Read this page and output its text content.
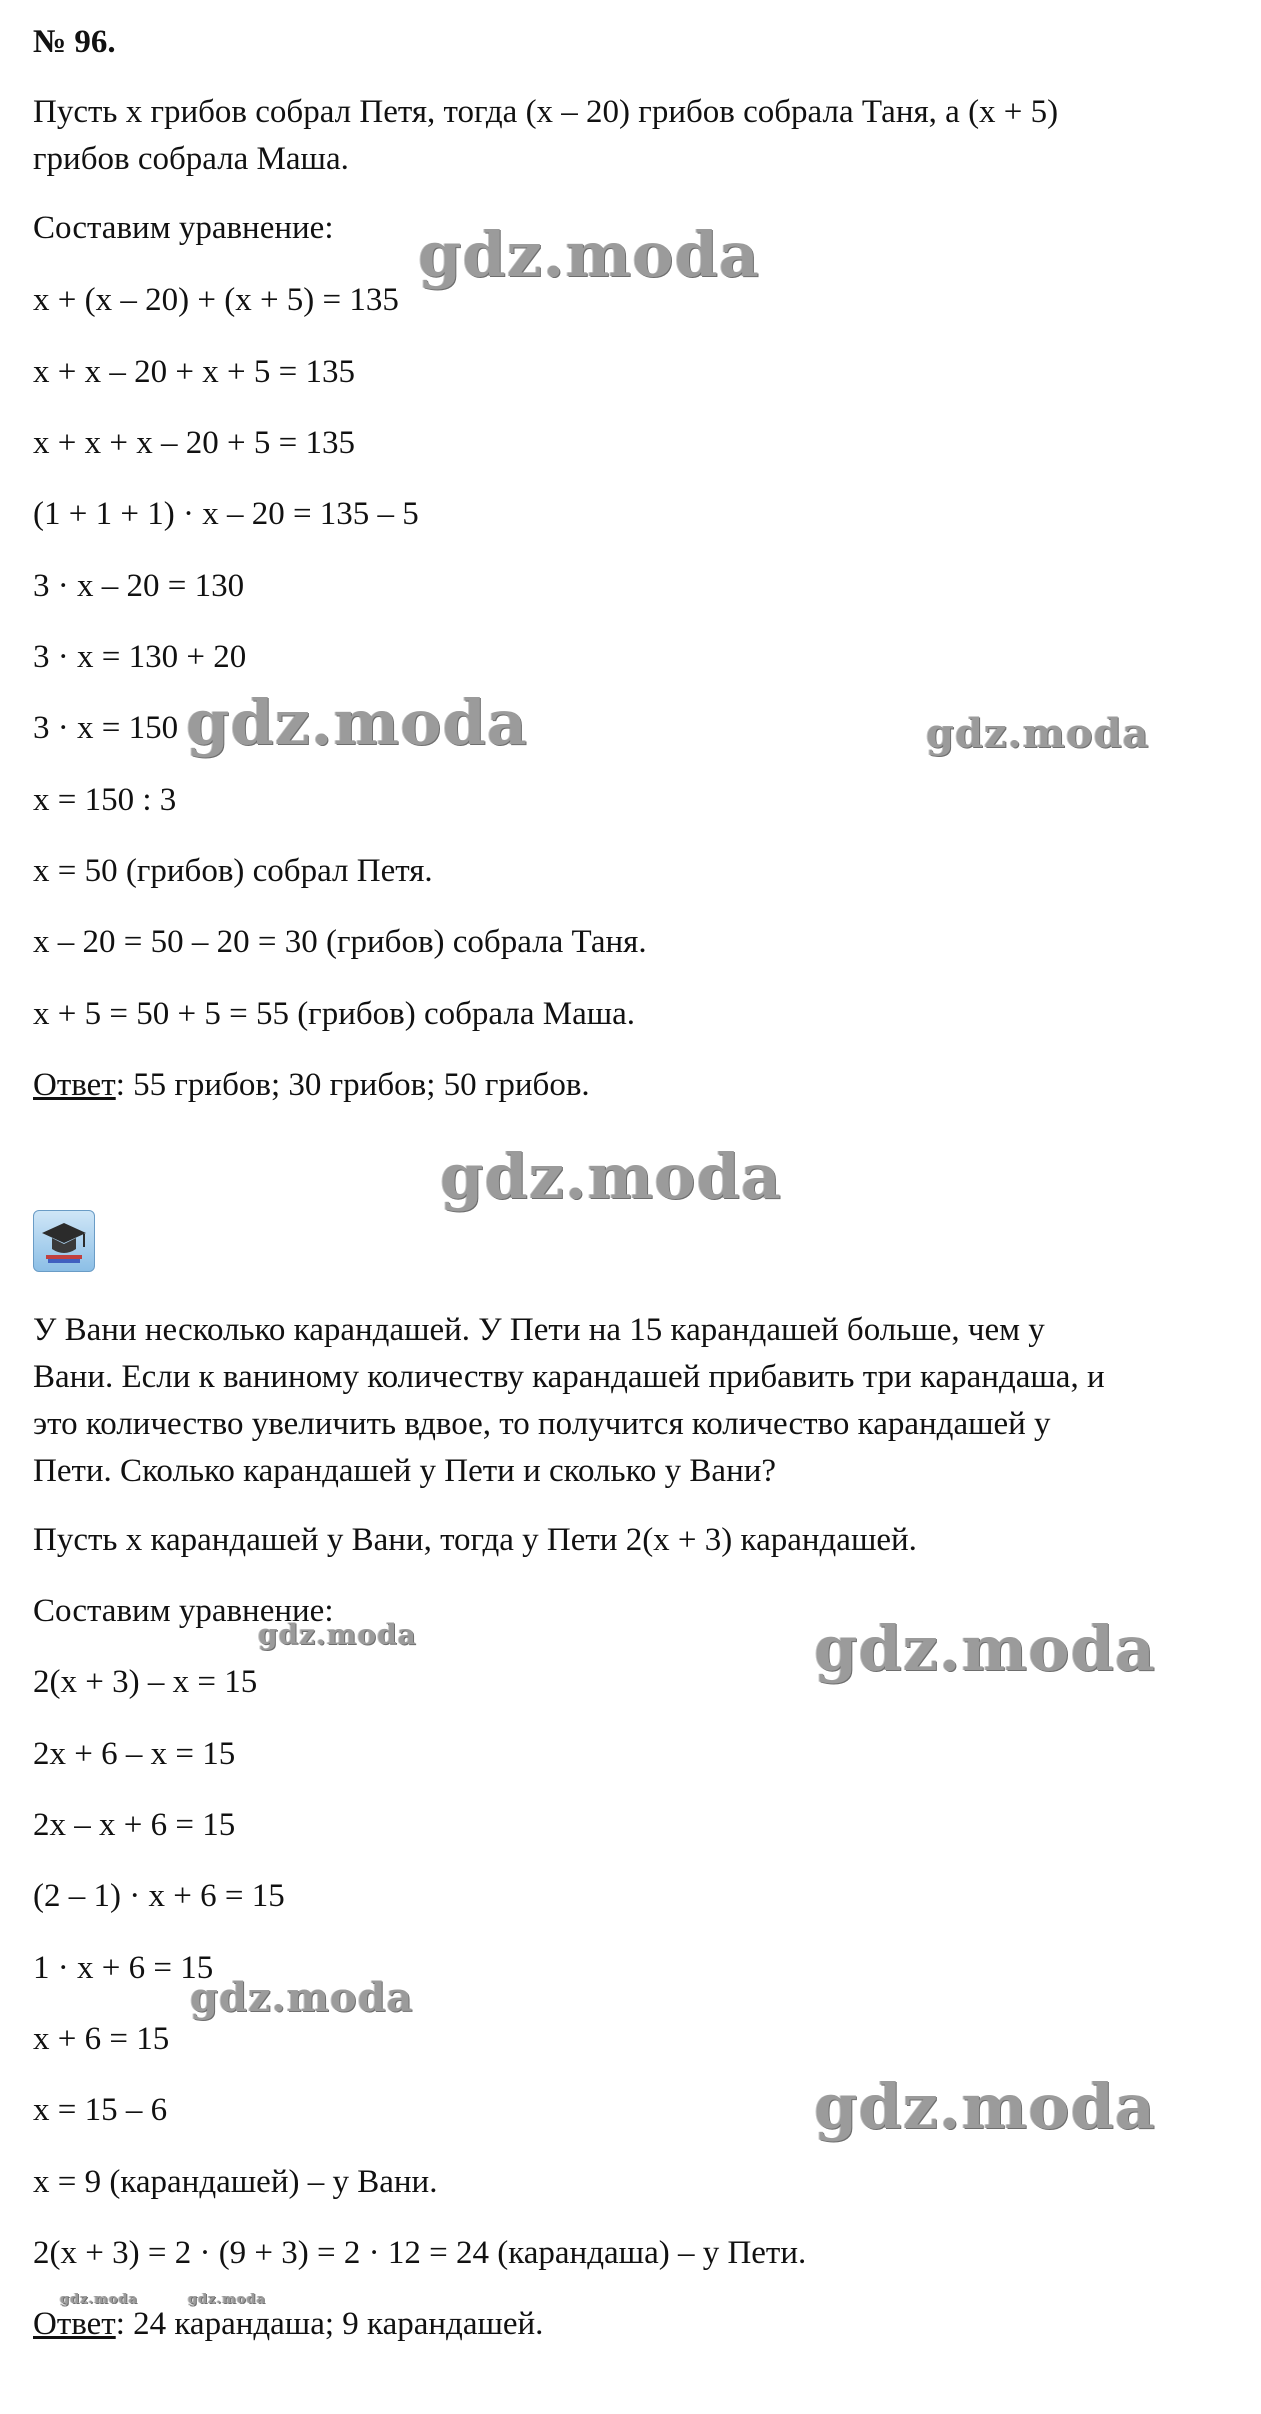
№ 96.
Пусть x грибов собрал Петя, тогда (x – 20) грибов собрала Таня, а (x + 5)
грибов собрала Маша.
Составим уравнение:
x + (x – 20) + (x + 5) = 135
x + x – 20 + x + 5 = 135
x + x + x – 20 + 5 = 135
(1 + 1 + 1) · x – 20 = 135 – 5
3 · x – 20 = 130
3 · x = 130 + 20
3 · x = 150
x = 150 : 3
x = 50 (грибов) собрал Петя.
x – 20 = 50 – 20 = 30 (грибов) собрала Таня.
x + 5 = 50 + 5 = 55 (грибов) собрала Маша.
Ответ: 55 грибов; 30 грибов; 50 грибов.
У Вани несколько карандашей. У Пети на 15 карандашей больше, чем у
Вани. Если к ваниному количеству карандашей прибавить три карандаша, и
это количество увеличить вдвое, то получится количество карандашей у
Пети. Сколько карандашей у Пети и сколько у Вани?
Пусть x карандашей у Вани, тогда у Пети 2(x + 3) карандашей.
Составим уравнение:
2(x + 3) – x = 15
2x + 6 – x = 15
2x – x + 6 = 15
(2 – 1) · x + 6 = 15
1 · x + 6 = 15
x + 6 = 15
x = 15 – 6
x = 9 (карандашей) – у Вани.
2(x + 3) = 2 · (9 + 3) = 2 · 12 = 24 (карандаша) – у Пети.
Ответ: 24 карандаша; 9 карандашей.
gdz.moda
gdz.moda	gdz.moda
gdz.moda
gdz.moda	gdz.moda
gdz.moda
gdz.moda
gdz.moda	gdz.moda
